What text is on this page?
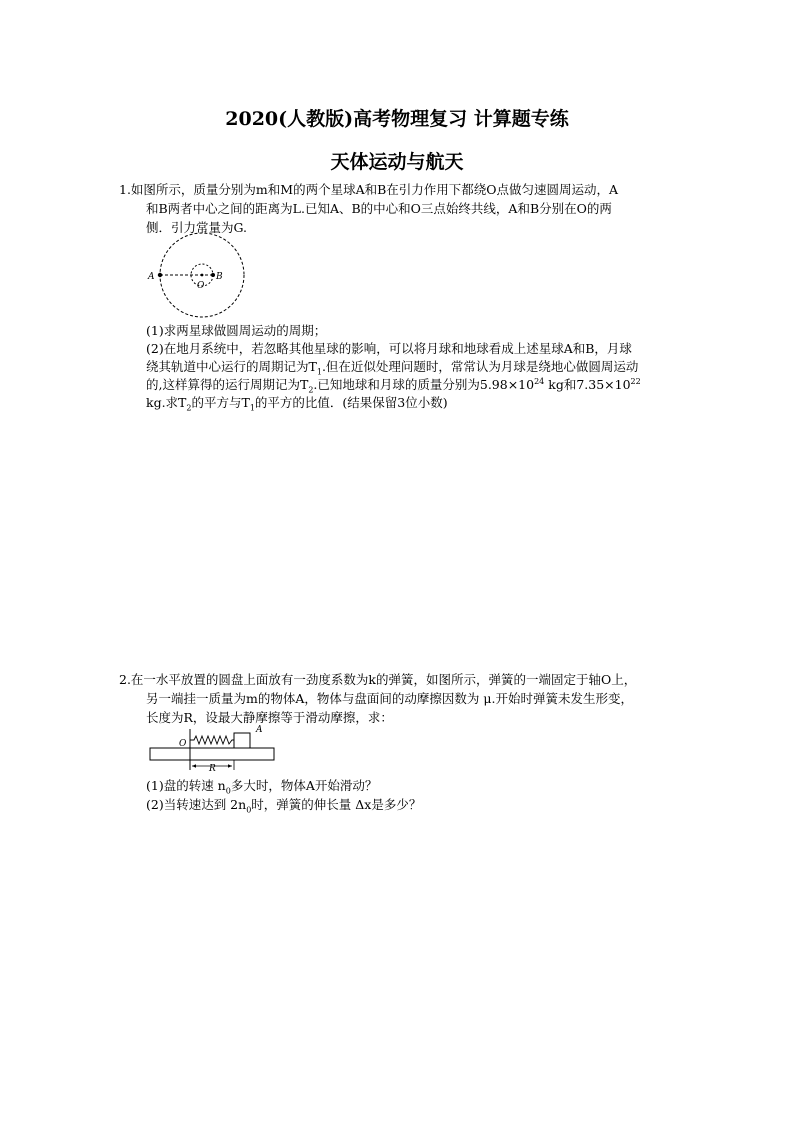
2020(人教版)高考物理复习 计算题专练
天体运动与航天
1.如图所示，质量分别为m和M的两个星球A和B在引力作用下都绕O点做匀速圆周运动，A
和B两者中心之间的距离为L.已知A、B的中心和O三点始终共线，A和B分别在O的两
侧．引力常量为G.
A	B
O
(1)求两星球做圆周运动的周期；
(2)在地月系统中，若忽略其他星球的影响，可以将月球和地球看成上述星球A和B，月球
绕其轨道中心运行的周期记为$T_1$.但在近似处理问题时，常常认为月球是绕地心做圆周运动
的,这样算得的运行周期记为$T_2$.已知地球和月球的质量分别为$5.98\times 10^{24}$ kg和$7.35\times 10^{22}$
kg.求$T_2$的平方与$T_1$的平方的比值．(结果保留3位小数)
2.在一水平放置的圆盘上面放有一劲度系数为k的弹簧，如图所示，弹簧的一端固定于轴O上，
另一端挂一质量为m的物体A，物体与盘面间的动摩擦因数为 μ.开始时弹簧未发生形变，
长度为R，设最大静摩擦等于滑动摩擦，求：
O
A
R
(1)盘的转速 $n_0$多大时，物体A开始滑动？
(2)当转速达到 $2n_0$时，弹簧的伸长量 Δx是多少？
